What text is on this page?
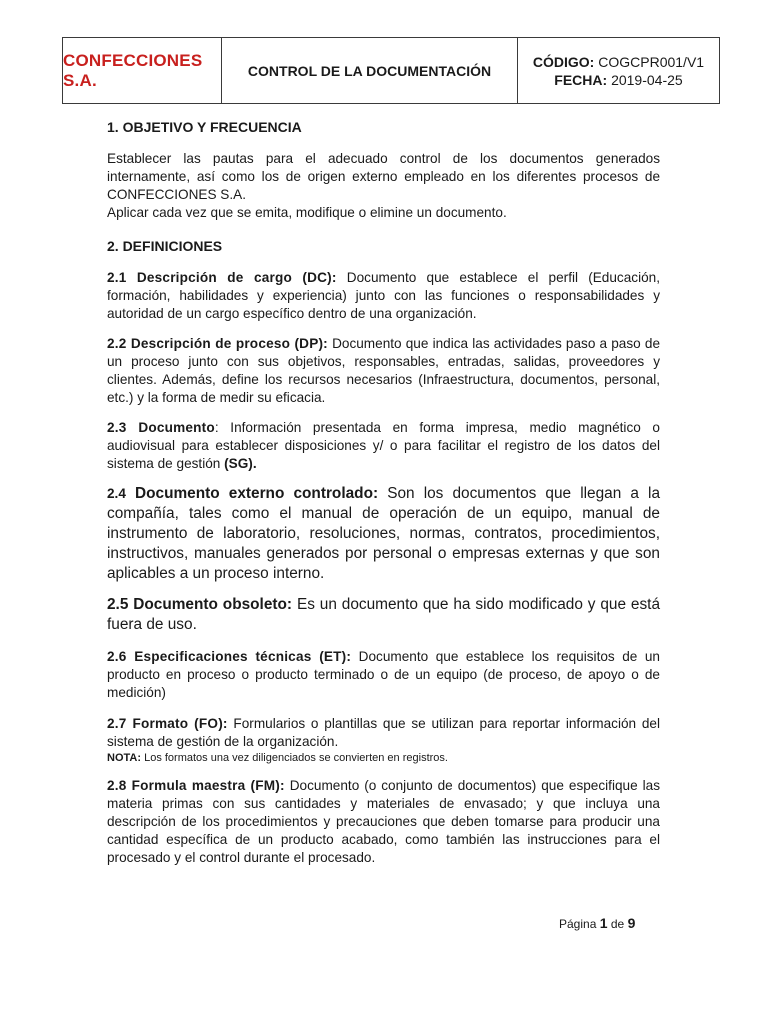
CONFECCIONES S.A.	CONTROL DE LA DOCUMENTACIÓN
CÓDIGO: COGCPR001/V1
FECHA: 2019-04-25
1. OBJETIVO Y FRECUENCIA

Establecer las pautas para el adecuado control de los documentos generados internamente, así como los de origen externo empleado en los diferentes procesos de CONFECCIONES S.A.

Aplicar cada vez que se emita, modifique o elimine un documento.

2. DEFINICIONES

2.1 Descripción de cargo (DC): Documento que establece el perfil (Educación, formación, habilidades y experiencia) junto con las funciones o responsabilidades y autoridad de un cargo específico dentro de una organización.

2.2 Descripción de proceso (DP): Documento que indica las actividades paso a paso de un proceso junto con sus objetivos, responsables, entradas, salidas, proveedores y clientes. Además, define los recursos necesarios (Infraestructura, documentos, personal, etc.) y la forma de medir su eficacia.

2.3 Documento: Información presentada en forma impresa, medio magnético o audiovisual para establecer disposiciones y/ o para facilitar el registro de los datos del sistema de gestión (SG).

2.4 Documento externo controlado: Son los documentos que llegan a la compañía, tales como el manual de operación de un equipo, manual de instrumento de laboratorio, resoluciones, normas, contratos, procedimientos, instructivos, manuales generados por personal o empresas externas y que son aplicables a un proceso interno.

2.5 Documento obsoleto: Es un documento que ha sido modificado y que está fuera de uso.

2.6 Especificaciones técnicas (ET): Documento que establece los requisitos de un producto en proceso o producto terminado o de un equipo (de proceso, de apoyo o de medición)

2.7 Formato (FO): Formularios o plantillas que se utilizan para reportar información del sistema de gestión de la organización.

NOTA: Los formatos una vez diligenciados se convierten en registros.

2.8 Formula maestra (FM): Documento (o conjunto de documentos) que especifique las materia primas con sus cantidades y materiales de envasado; y que incluya una descripción de los procedimientos y precauciones que deben tomarse para producir una cantidad específica de un producto acabado, como también las instrucciones para el procesado y el control durante el procesado.

Página 1 de 9
